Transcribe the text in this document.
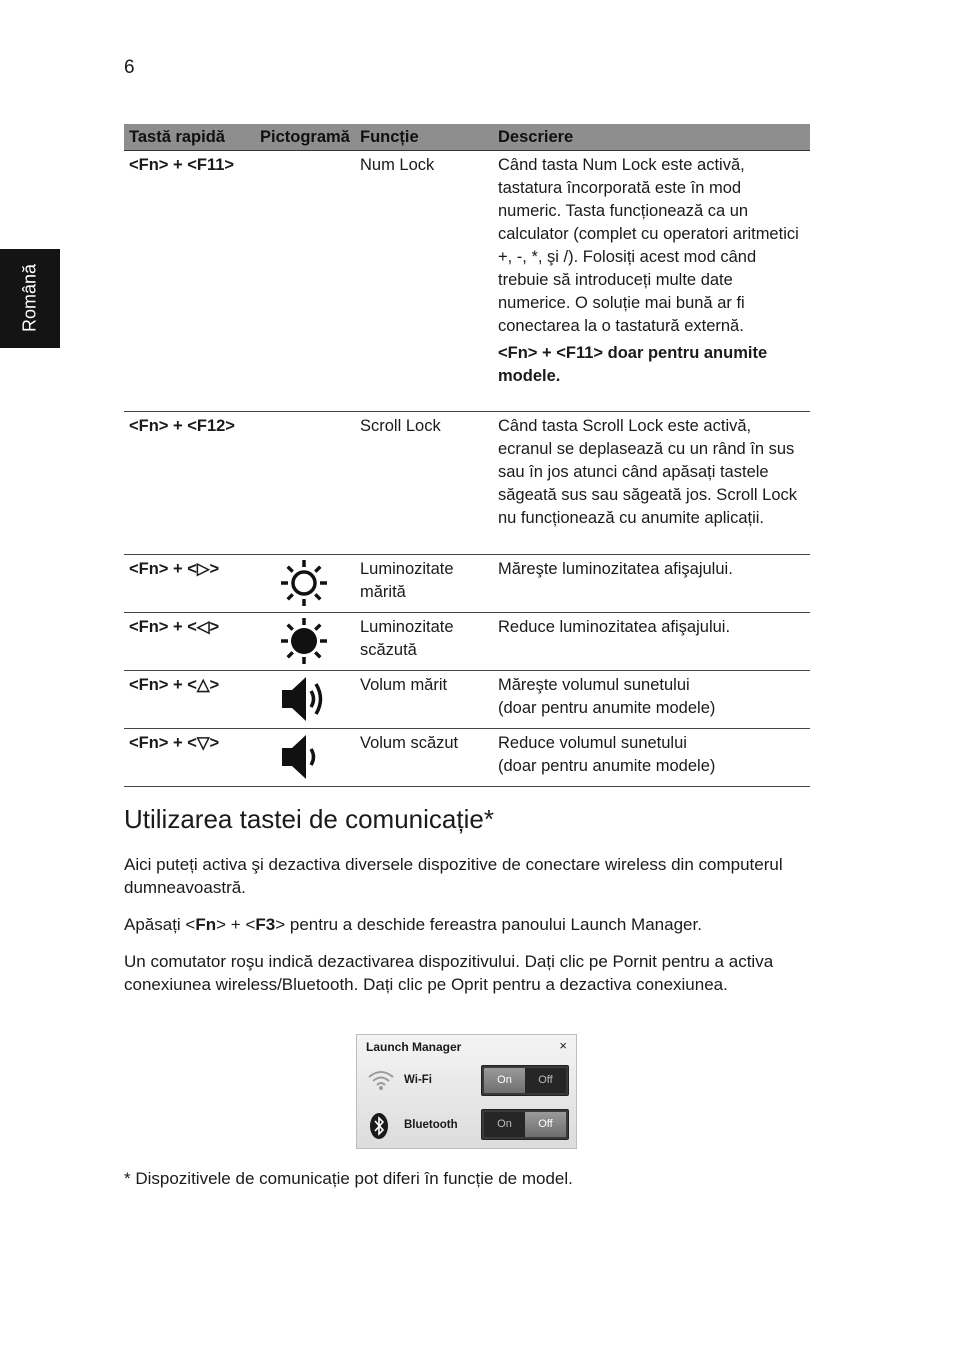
6
Română
Tastă rapidă	Pictogramă	Funcție	Descriere
<Fn> + <F11>		Num Lock	Când tasta Num Lock este activă, tastatura încorporată este în mod numeric. Tasta funcționează ca un calculator (complet cu operatori aritmetici +, -, *, şi /). Folosiți acest mod când trebuie să introduceți multe date numerice. O soluție mai bună ar fi conectarea la o tastatură externă.
<Fn> + <F11> doar pentru anumite modele.

<Fn> + <F12>		Scroll Lock	Când tasta Scroll Lock este activă, ecranul se deplasează cu un rând în sus sau în jos atunci când apăsați tastele săgeată sus sau săgeată jos. Scroll Lock nu funcționează cu anumite aplicații.
<Fn> + <▷>		Luminozitate mărită	Măreşte luminozitatea afişajului.
<Fn> + <◁>		Luminozitate scăzută	Reduce luminozitatea afişajului.
<Fn> + <△>		Volum mărit	Măreşte volumul sunetului
(doar pentru anumite modele)

<Fn> + <▽>		Volum scăzut	Reduce volumul sunetului
(doar pentru anumite modele)
Utilizarea tastei de comunicație*

Aici puteți activa şi dezactiva diversele dispozitive de conectare wireless din computerul dumneavoastră.

Apăsați <Fn> + <F3> pentru a deschide fereastra panoului Launch Manager.

Un comutator roşu indică dezactivarea dispozitivului. Dați clic pe Pornit pentru a activa conexiunea wireless/Bluetooth. Dați clic pe Oprit pentru a dezactiva conexiunea.

Launch Manager	×
Wi-Fi	On	Off
Bluetooth	On	Off

* Dispozitivele de comunicație pot diferi în funcție de model.
